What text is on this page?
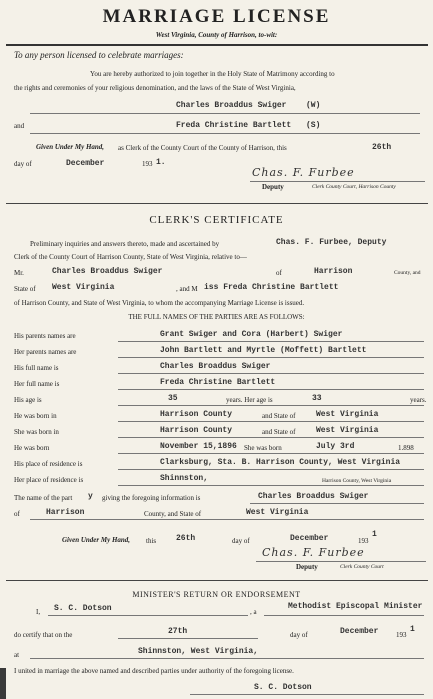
MARRIAGE LICENSE
West Virginia, County of Harrison, to-wit:
To any person licensed to celebrate marriages:
You are hereby authorized to join together in the Holy State of Matrimony according to
the rights and ceremonies of your religious denomination, and the laws of the State of West Virginia,
Charles Broaddus Swiger (W)
and	Freda Christine Bartlett (S)
Given Under My Hand, as Clerk of the County Court of the County of Harrison, this	26th
day of	December	193 1.
Chas. F. Furbee
Deputy	Clerk County Court, Harrison County
CLERK'S CERTIFICATE
Preliminary inquiries and answers thereto, made and ascertained by	Chas. F. Furbee, Deputy
Clerk of the County Court of Harrison County, State of West Virginia, relative to—
Mr.	Charles Broaddus Swiger	of	Harrison	County, and
State of West Virginia	, and M iss Freda Christine Bartlett
of Harrison County, and State of West Virginia, to whom the accompanying Marriage License is issued.
THE FULL NAMES OF THE PARTIES ARE AS FOLLOWS:
His parents names are	Grant Swiger and Cora (Harbert) Swiger
Her parents names are	John Bartlett and Myrtle (Moffett) Bartlett
His full name is	Charles Broaddus Swiger
Her full name is	Freda Christine Bartlett
His age is	35	years. Her age is	33	years.
He was born in	Harrison County	and State of	West Virginia
She was born in	Harrison County	and State of	West Virginia
He was born	November 15,1896 She was born	July 3rd	1.898
His place of residence is	Clarksburg, Sta. B. Harrison County, West Virginia
Her place of residence is	Shinnston,	Harrison County, West Virginia
The name of the part y giving the foregoing information is	Charles Broaddus Swiger
of	Harrison	County, and State of	West Virginia
Given Under My Hand, this 26th	day of	December	193
1
Chas. F. Furbee
Deputy	Clerk County Court
MINISTER'S RETURN OR ENDORSEMENT
I, S. C. Dotson	, a
Methodist Episcopal Minister
do certify that on the	27th	day of	December	193
1
at	Shinnston, West Virginia,
I united in marriage the above named and described parties under authority of the foregoing license.
S. C. Dotson
